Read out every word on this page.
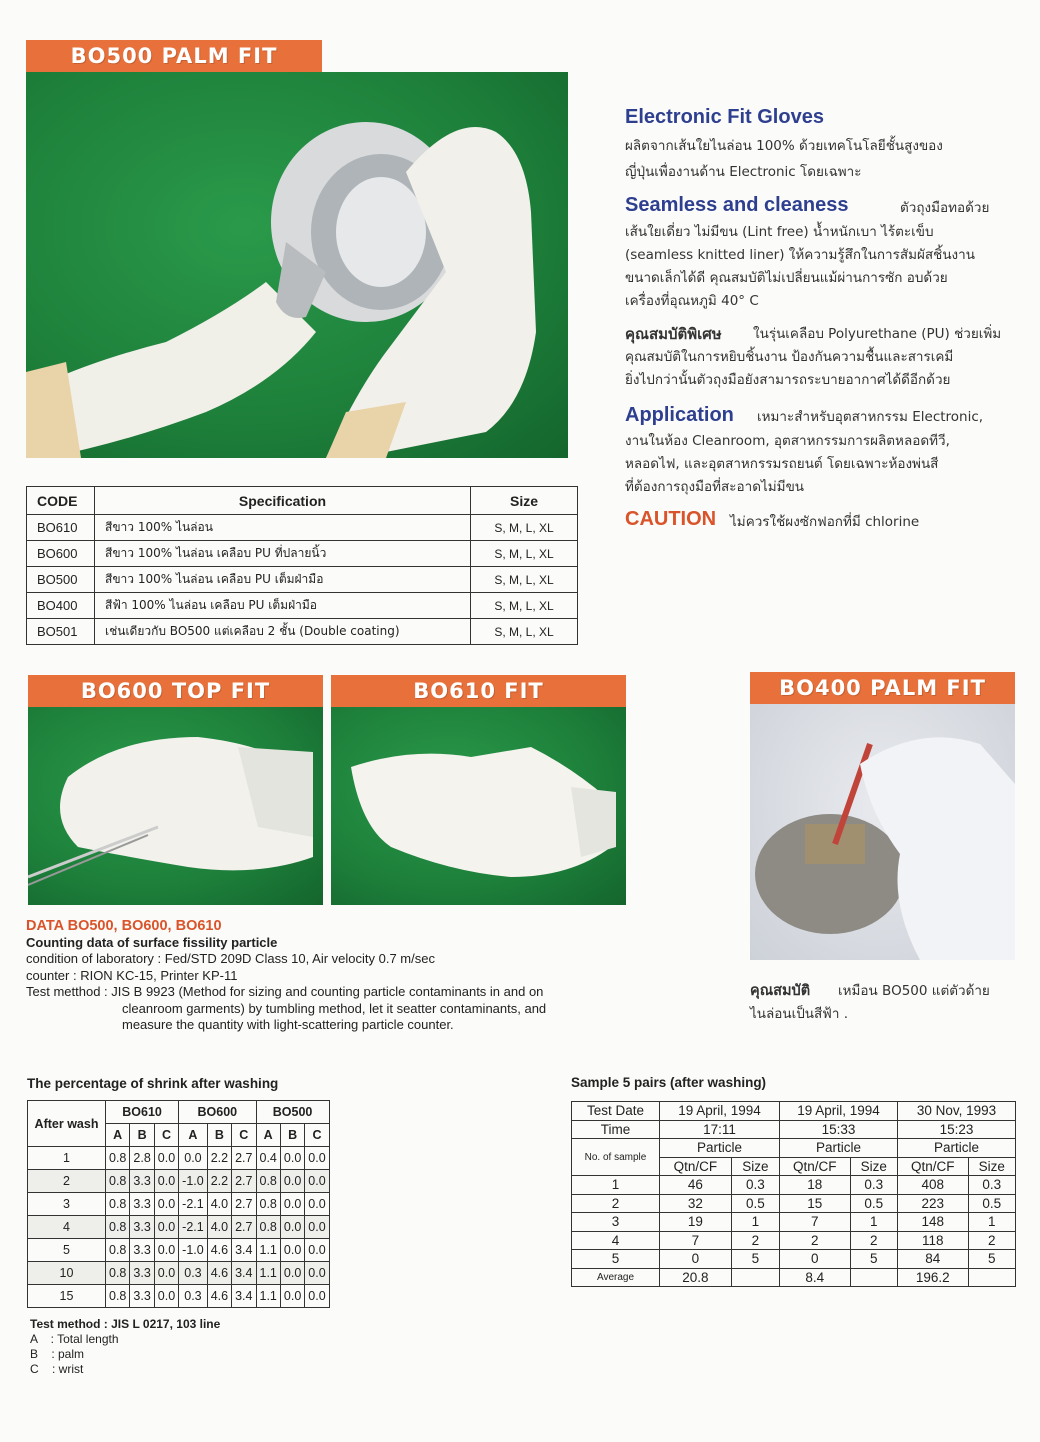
BO500 PALM FIT
Electronic Fit Gloves
ผลิตจากเส้นใยไนล่อน 100% ด้วยเทคโนโลยีชั้นสูงของ
ญี่ปุ่นเพื่องานด้าน Electronic โดยเฉพาะ
Seamless and cleaness	ตัวถุงมือทอด้วย
เส้นใยเดี่ยว ไม่มีขน (Lint free) น้ำหนักเบา ไร้ตะเข็บ
(seamless knitted liner) ให้ความรู้สึกในการสัมผัสชิ้นงาน
ขนาดเล็กได้ดี คุณสมบัติไม่เปลี่ยนแม้ผ่านการซัก อบด้วย
เครื่องที่อุณหภูมิ 40° C
คุณสมบัติพิเศษ ในรุ่นเคลือบ Polyurethane (PU) ช่วยเพิ่ม
คุณสมบัติในการหยิบชิ้นงาน ป้องกันความชื้นและสารเคมี
ยิ่งไปกว่านั้นตัวถุงมือยังสามารถระบายอากาศได้ดีอีกด้วย
Application เหมาะสำหรับอุตสาหกรรม Electronic,
งานในห้อง Cleanroom, อุตสาหกรรมการผลิตหลอดทีวี,
หลอดไฟ, และอุตสาหกรรมรถยนต์ โดยเฉพาะห้องพ่นสี
ที่ต้องการถุงมือที่สะอาดไม่มีขน
CAUTION ไม่ควรใช้ผงซักฟอกที่มี chlorine
CODE	Specification	Size
BO610	สีขาว 100% ไนล่อน	S, M, L, XL
BO600	สีขาว 100% ไนล่อน เคลือบ PU ที่ปลายนิ้ว	S, M, L, XL
BO500	สีขาว 100% ไนล่อน เคลือบ PU เต็มฝ่ามือ	S, M, L, XL
BO400	สีฟ้า 100% ไนล่อน เคลือบ PU เต็มฝ่ามือ	S, M, L, XL
BO501	เช่นเดียวกับ BO500 แต่เคลือบ 2 ชั้น (Double coating)	S, M, L, XL
BO600 TOP FIT	BO610 FIT	BO400 PALM FIT
DATA BO500, BO600, BO610
Counting data of surface fissility particle
condition of laboratory : Fed/STD 209D Class 10, Air velocity 0.7 m/sec
counter : RION KC-15, Printer KP-11
Test metthod : JIS B 9923 (Method for sizing and counting particle contaminants in and on
cleanroom garments) by tumbling method, let it seatter contaminants, and
measure the quantity with light-scattering particle counter.
คุณสมบัติ เหมือน BO500 แต่ตัวด้าย
ไนล่อนเป็นสีฟ้า .
The percentage of shrink after washing
After wash	BO610			BO600			BO500		
	A	B	C	A	B	C	A	B	C
1	0.8	2.8	0.0	0.0	2.2	2.7	0.4	0.0	0.0
2	0.8	3.3	0.0	-1.0	2.2	2.7	0.8	0.0	0.0
3	0.8	3.3	0.0	-2.1	4.0	2.7	0.8	0.0	0.0
4	0.8	3.3	0.0	-2.1	4.0	2.7	0.8	0.0	0.0
5	0.8	3.3	0.0	-1.0	4.6	3.4	1.1	0.0	0.0
10	0.8	3.3	0.0	0.3	4.6	3.4	1.1	0.0	0.0
15	0.8	3.3	0.0	0.3	4.6	3.4	1.1	0.0	0.0
Test method : JIS L 0217, 103 line
A    : Total length
B    : palm
C    : wrist
Sample 5 pairs (after washing)
Test Date	19 April, 1994		19 April, 1994		30 Nov, 1993	
Time	17:11		15:33		15:23	
No. of sample	Particle		Particle		Particle	
	Qtn/CF	Size	Qtn/CF	Size	Qtn/CF	Size
1	46	0.3	18	0.3	408	0.3
2	32	0.5	15	0.5	223	0.5
3	19	1	7	1	148	1
4	7	2	2	2	118	2
5	0	5	0	5	84	5
Average	20.8		8.4		196.2	
